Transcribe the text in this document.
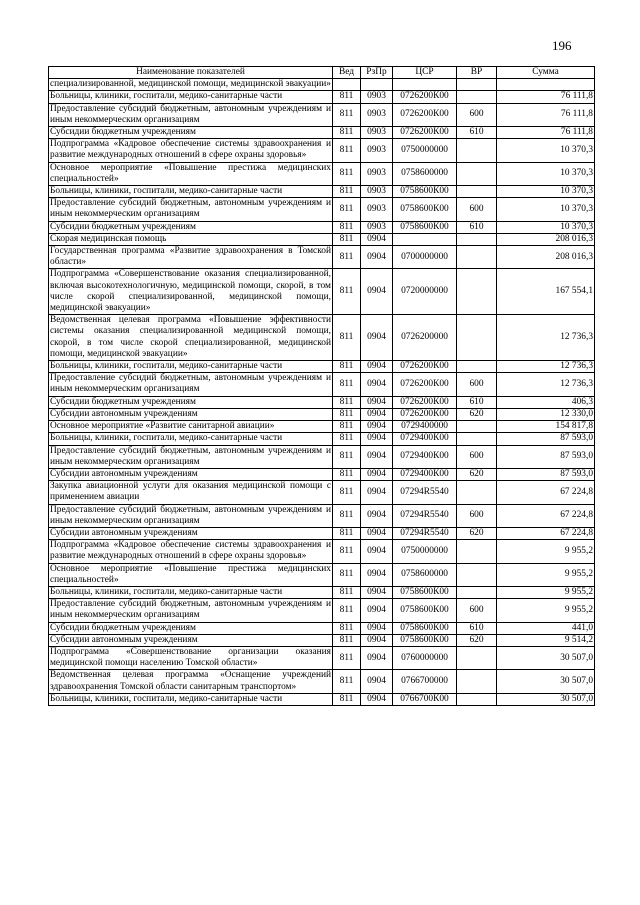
196
Наименование показателей	Вед	РзПр	ЦСР	ВР	Сумма
специализированной, медицинской помощи, медицинской эвакуации»					
Больницы, клиники, госпитали, медико-санитарные части	811	0903	0726200К00		76 111,8
Предоставление субсидий бюджетным, автономным учреждениям и иным некоммерческим организациям	811	0903	0726200К00	600	76 111,8
Субсидии бюджетным учреждениям	811	0903	0726200К00	610	76 111,8
Подпрограмма «Кадровое обеспечение системы здравоохранения и развитие международных отношений в сфере охраны здоровья»	811	0903	0750000000		10 370,3
Основное мероприятие «Повышение престижа медицинских специальностей»	811	0903	0758600000		10 370,3
Больницы, клиники, госпитали, медико-санитарные части	811	0903	0758600К00		10 370,3
Предоставление субсидий бюджетным, автономным учреждениям и иным некоммерческим организациям	811	0903	0758600К00	600	10 370,3
Субсидии бюджетным учреждениям	811	0903	0758600К00	610	10 370,3
Скорая медицинская помощь	811	0904			208 016,3
Государственная программа «Развитие здравоохранения в Томской области»	811	0904	0700000000		208 016,3
Подпрограмма «Совершенствование оказания специализированной, включая высокотехнологичную, медицинской помощи, скорой, в том числе скорой специализированной, медицинской помощи, медицинской эвакуации»	811	0904	0720000000		167 554,1
Ведомственная целевая программа «Повышение эффективности системы оказания специализированной медицинской помощи, скорой, в том числе скорой специализированной, медицинской помощи, медицинской эвакуации»	811	0904	0726200000		12 736,3
Больницы, клиники, госпитали, медико-санитарные части	811	0904	0726200К00		12 736,3
Предоставление субсидий бюджетным, автономным учреждениям и иным некоммерческим организациям	811	0904	0726200К00	600	12 736,3
Субсидии бюджетным учреждениям	811	0904	0726200К00	610	406,3
Субсидии автономным учреждениям	811	0904	0726200К00	620	12 330,0
Основное мероприятие «Развитие санитарной авиации»	811	0904	0729400000		154 817,8
Больницы, клиники, госпитали, медико-санитарные части	811	0904	0729400К00		87 593,0
Предоставление субсидий бюджетным, автономным учреждениям и иным некоммерческим организациям	811	0904	0729400К00	600	87 593,0
Субсидии автономным учреждениям	811	0904	0729400К00	620	87 593,0
Закупка авиационной услуги для оказания медицинской помощи с применением авиации	811	0904	07294R5540		67 224,8
Предоставление субсидий бюджетным, автономным учреждениям и иным некоммерческим организациям	811	0904	07294R5540	600	67 224,8
Субсидии автономным учреждениям	811	0904	07294R5540	620	67 224,8
Подпрограмма «Кадровое обеспечение системы здравоохранения и развитие международных отношений в сфере охраны здоровья»	811	0904	0750000000		9 955,2
Основное мероприятие «Повышение престижа медицинских специальностей»	811	0904	0758600000		9 955,2
Больницы, клиники, госпитали, медико-санитарные части	811	0904	0758600К00		9 955,2
Предоставление субсидий бюджетным, автономным учреждениям и иным некоммерческим организациям	811	0904	0758600К00	600	9 955,2
Субсидии бюджетным учреждениям	811	0904	0758600К00	610	441,0
Субсидии автономным учреждениям	811	0904	0758600К00	620	9 514,2
Подпрограмма «Совершенствование организации оказания медицинской помощи населению Томской области»	811	0904	0760000000		30 507,0
Ведомственная целевая программа «Оснащение учреждений здравоохранения Томской области санитарным транспортом»	811	0904	0766700000		30 507,0
Больницы, клиники, госпитали, медико-санитарные части	811	0904	0766700К00		30 507,0
